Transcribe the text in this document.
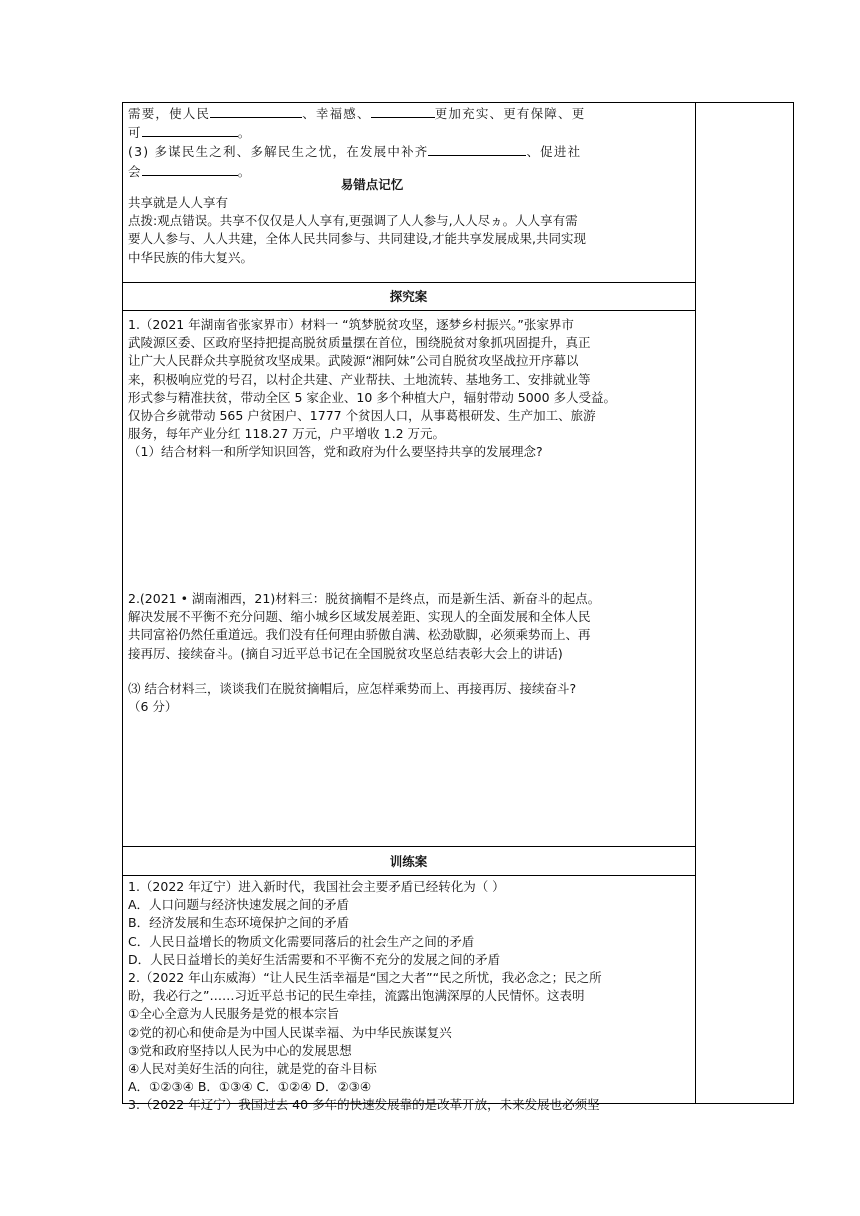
需要，使人民	、幸福感、	更加充实、更有保障、更

可	。

(3) 多谋民生之利、多解民生之忧，在发展中补齐	、促进社

会	。

易错点记忆

共享就是人人享有

点拨:观点错误。共享不仅仅是人人享有,更强调了人人参与,人人尽ヵ。人人享有需

要人人参与、人人共建，全体人民共同参与、共同建设,才能共享发展成果,共同实现

中华民族的伟大复兴。

探究案

1.（2021 年湖南省张家界市）材料一 “筑梦脱贫攻坚，逐梦乡村振兴。”张家界市

武陵源区委、区政府坚持把提高脱贫质量摆在首位，围绕脱贫对象抓巩固提升，真正

让广大人民群众共享脱贫攻坚成果。武陵源“湘阿妹”公司自脱贫攻坚战拉开序幕以

来，积极响应党的号召，以村企共建、产业帮扶、土地流转、基地务工、安排就业等

形式参与精准扶贫，带动全区 5 家企业、10 多个种植大户，辐射带动 5000 多人受益。

仅协合乡就带动 565 户贫困户、1777 个贫因人口，从事葛根研发、生产加工、旅游

服务，每年产业分红 118.27 万元，户平增收 1.2 万元。

（1）结合材料一和所学知识回答，党和政府为什么要坚持共享的发展理念?

2.(2021 • 湖南湘西，21)材料三：脱贫摘帽不是终点，而是新生活、新奋斗的起点。

解决发展不平衡不充分问题、缩小城乡区域发展差距、实现人的全面发展和全体人民

共同富裕仍然任重道远。我们没有任何理由骄傲自满、松劲歇脚，必须乘势而上、再

接再厉、接续奋斗。(摘自习近平总书记在全国脱贫攻坚总结表彰大会上的讲话)

⑶ 结合材料三，谈谈我们在脱贫摘帽后，应怎样乘势而上、再接再厉、接续奋斗?

（6 分）

训练案

1.（2022 年辽宁）进入新时代，我国社会主要矛盾已经转化为（ ）

A．人口问题与经济快速发展之间的矛盾

B．经济发展和生态环境保护之间的矛盾

C．人民日益增长的物质文化需要同落后的社会生产之间的矛盾

D．人民日益增长的美好生活需要和不平衡不充分的发展之间的矛盾

2.（2022 年山东威海）“让人民生活幸福是“国之大者”“民之所忧，我必念之；民之所

盼，我必行之”……习近平总书记的民生牵挂，流露出饱满深厚的人民情怀。这表明

①全心全意为人民服务是党的根本宗旨

②党的初心和使命是为中国人民谋幸福、为中华民族谋复兴

③党和政府坚持以人民为中心的发展思想

④人民对美好生活的向往，就是党的奋斗目标

A．①②③④ B．①③④ C．①②④ D．②③④

3.（2022 年辽宁）我国过去 40 多年的快速发展靠的是改革开放，未来发展也必须坚
